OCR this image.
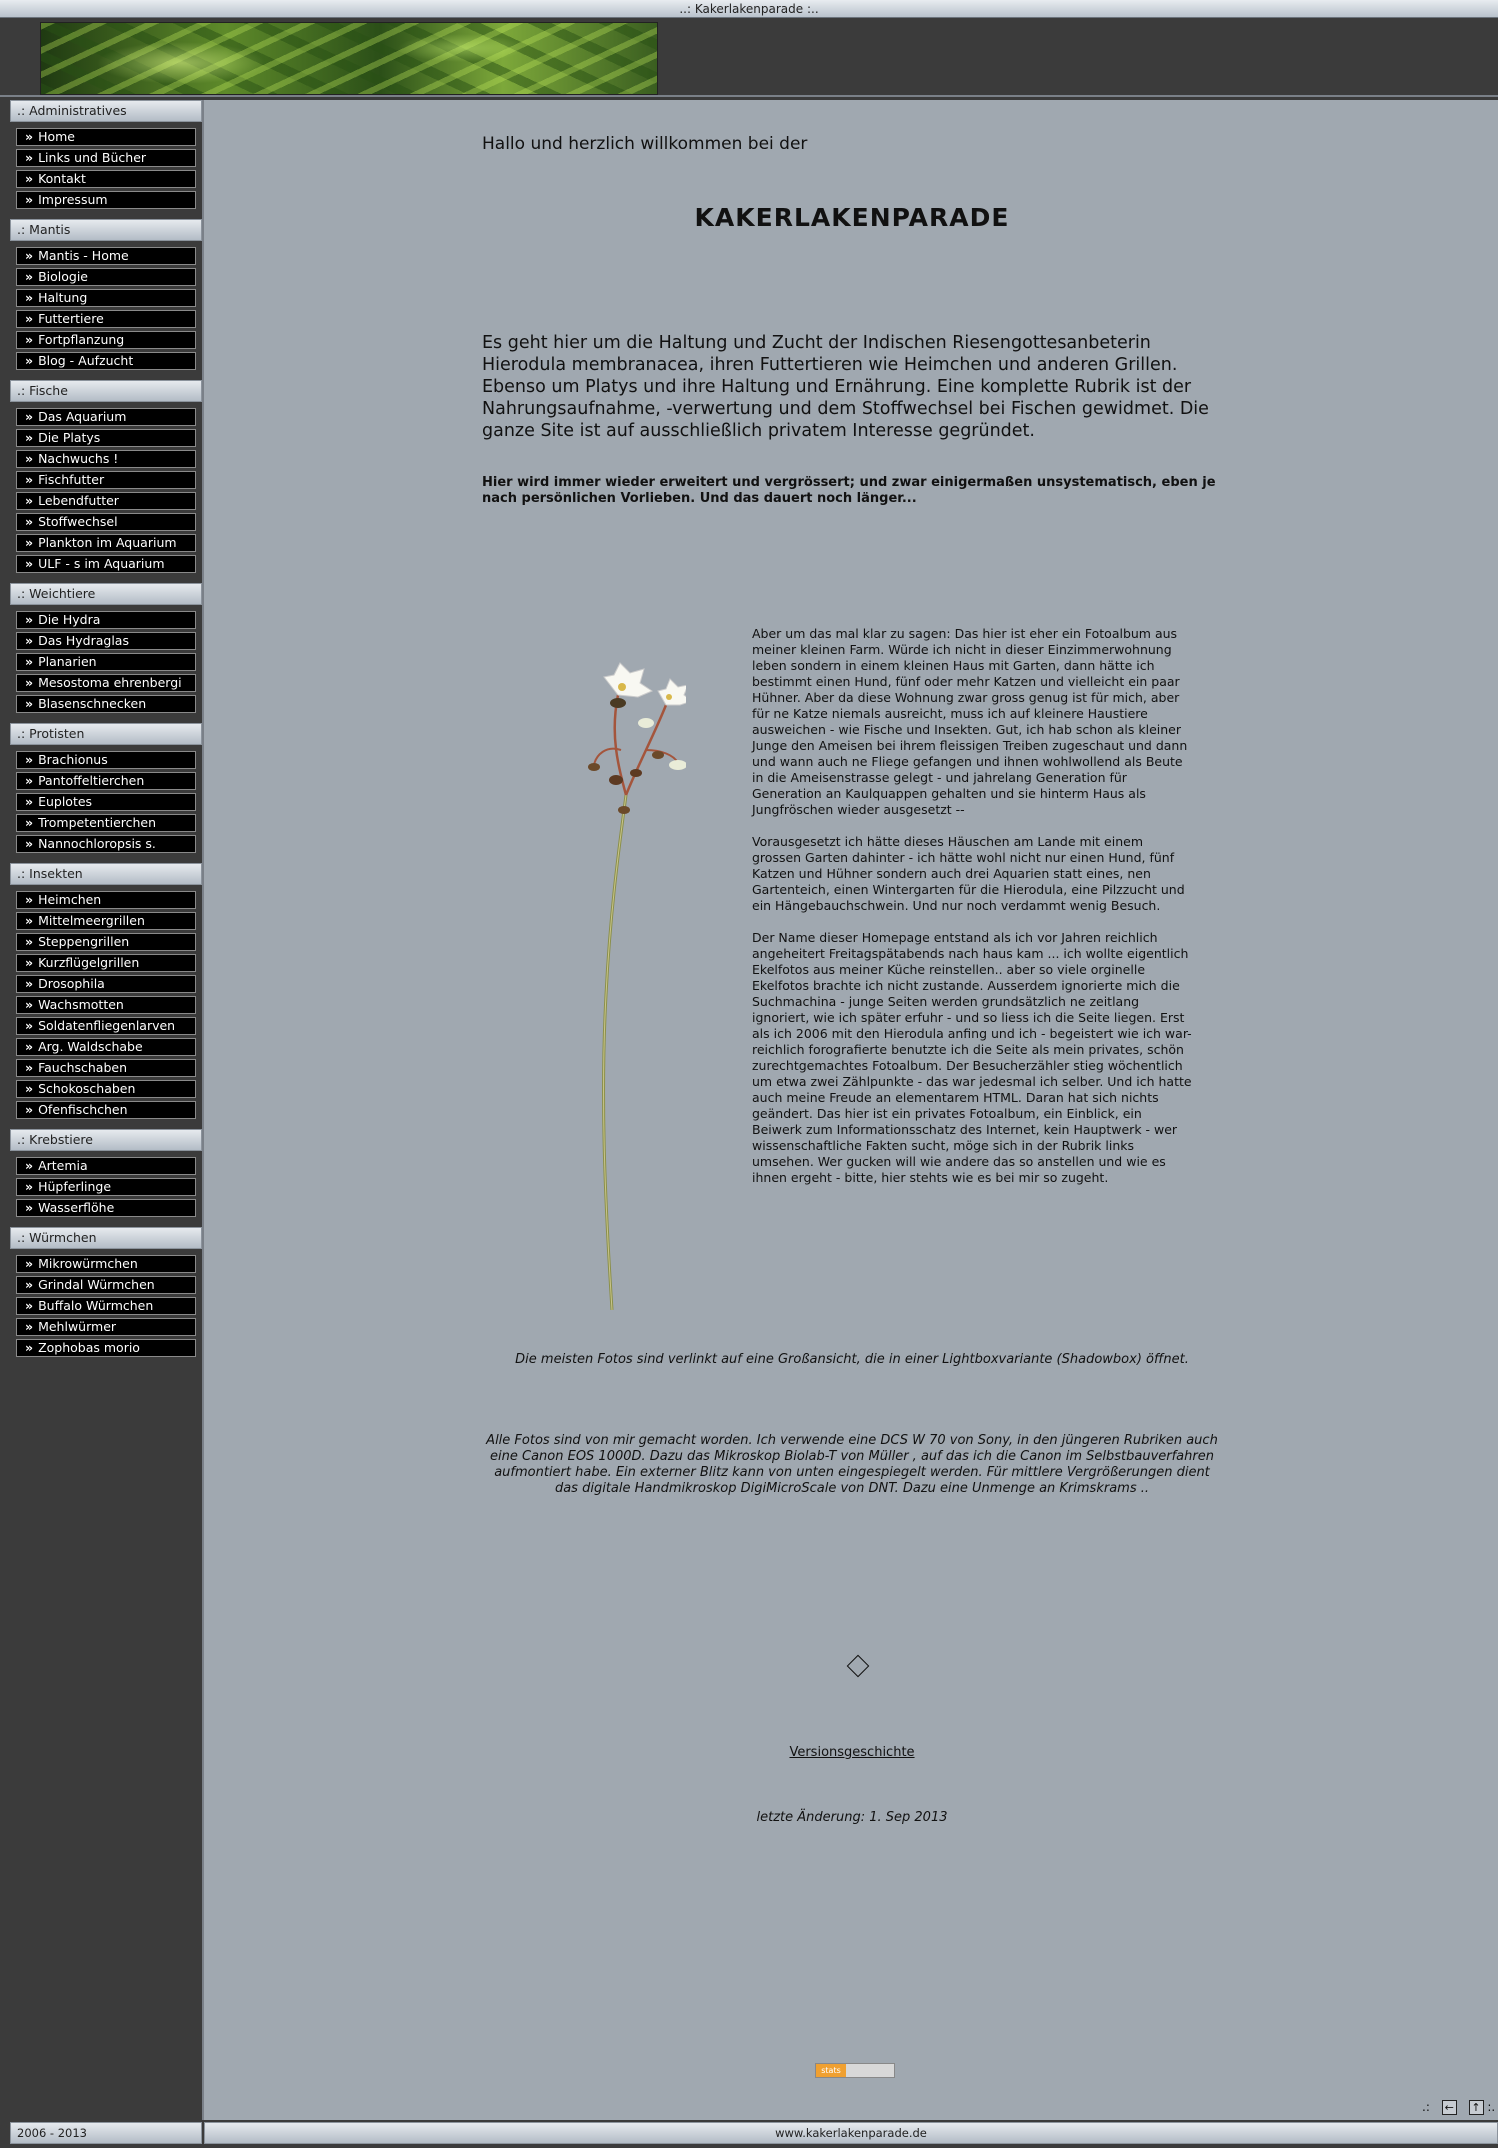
..: Kakerlakenparade :..
.: Administratives
» Home
» Links und Bücher
» Kontakt
» Impressum
.: Mantis
» Mantis - Home
» Biologie
» Haltung
» Futtertiere
» Fortpflanzung
» Blog - Aufzucht
.: Fische
» Das Aquarium
» Die Platys
» Nachwuchs !
» Fischfutter
» Lebendfutter
» Stoffwechsel
» Plankton im Aquarium
» ULF - s im Aquarium
.: Weichtiere
» Die Hydra
» Das Hydraglas
» Planarien
» Mesostoma ehrenbergi
» Blasenschnecken
.: Protisten
» Brachionus
» Pantoffeltierchen
» Euplotes
» Trompetentierchen
» Nannochloropsis s.
.: Insekten
» Heimchen
» Mittelmeergrillen
» Steppengrillen
» Kurzflügelgrillen
» Drosophila
» Wachsmotten
» Soldatenfliegenlarven
» Arg. Waldschabe
» Fauchschaben
» Schokoschaben
» Ofenfischchen
.: Krebstiere
» Artemia
» Hüpferlinge
» Wasserflöhe
.: Würmchen
» Mikrowürmchen
» Grindal Würmchen
» Buffalo Würmchen
» Mehlwürmer
» Zophobas morio
Hallo und herzlich willkommen bei der
KAKERLAKENPARADE
Es geht hier um die Haltung und Zucht der Indischen Riesengottesanbeterin Hierodula membranacea, ihren Futtertieren wie Heimchen und anderen Grillen. Ebenso um Platys und ihre Haltung und Ernährung. Eine komplette Rubrik ist der Nahrungsaufnahme, -verwertung und dem Stoffwechsel bei Fischen gewidmet. Die ganze Site ist auf ausschließlich privatem Interesse gegründet.
Hier wird immer wieder erweitert und vergrössert; und zwar einigermaßen unsystematisch, eben je nach persönlichen Vorlieben. Und das dauert noch länger...

Aber um das mal klar zu sagen: Das hier ist eher ein Fotoalbum aus meiner kleinen Farm. Würde ich nicht in dieser Einzimmerwohnung leben sondern in einem kleinen Haus mit Garten, dann hätte ich bestimmt einen Hund, fünf oder mehr Katzen und vielleicht ein paar Hühner. Aber da diese Wohnung zwar gross genug ist für mich, aber für ne Katze niemals ausreicht, muss ich auf kleinere Haustiere ausweichen - wie Fische und Insekten. Gut, ich hab schon als kleiner Junge den Ameisen bei ihrem fleissigen Treiben zugeschaut und dann und wann auch ne Fliege gefangen und ihnen wohlwollend als Beute in die Ameisenstrasse gelegt - und jahrelang Generation für Generation an Kaulquappen gehalten und sie hinterm Haus als Jungfröschen wieder ausgesetzt --

Vorausgesetzt ich hätte dieses Häuschen am Lande mit einem grossen Garten dahinter - ich hätte wohl nicht nur einen Hund, fünf Katzen und Hühner sondern auch drei Aquarien statt eines, nen Gartenteich, einen Wintergarten für die Hierodula, eine Pilzzucht und ein Hängebauchschwein. Und nur noch verdammt wenig Besuch.

Der Name dieser Homepage entstand als ich vor Jahren reichlich angeheitert Freitagspätabends nach haus kam ... ich wollte eigentlich Ekelfotos aus meiner Küche reinstellen.. aber so viele orginelle Ekelfotos brachte ich nicht zustande. Ausserdem ignorierte mich die Suchmachina - junge Seiten werden grundsätzlich ne zeitlang ignoriert, wie ich später erfuhr - und so liess ich die Seite liegen. Erst als ich 2006 mit den Hierodula anfing und ich - begeistert wie ich war- reichlich forografierte benutzte ich die Seite als mein privates, schön zurechtgemachtes Fotoalbum. Der Besucherzähler stieg wöchentlich um etwa zwei Zählpunkte - das war jedesmal ich selber. Und ich hatte auch meine Freude an elementarem HTML. Daran hat sich nichts geändert. Das hier ist ein privates Fotoalbum, ein Einblick, ein Beiwerk zum Informationsschatz des Internet, kein Hauptwerk - wer wissenschaftliche Fakten sucht, möge sich in der Rubrik links umsehen. Wer gucken will wie andere das so anstellen und wie es ihnen ergeht - bitte, hier stehts wie es bei mir so zugeht.

Die meisten Fotos sind verlinkt auf eine Großansicht, die in einer Lightboxvariante (Shadowbox) öffnet.
Alle Fotos sind von mir gemacht worden. Ich verwende eine DCS W 70 von Sony, in den jüngeren Rubriken auch eine Canon EOS 1000D. Dazu das Mikroskop Biolab-T von Müller , auf das ich die Canon im Selbstbauverfahren aufmontiert habe. Ein externer Blitz kann von unten eingespiegelt werden. Für mittlere Vergrößerungen dient das digitale Handmikroskop DigiMicroScale von DNT. Dazu eine Unmenge an Krimskrams ..
Versionsgeschichte
letzte Änderung: 1. Sep 2013
stats
.: ← ↑ :.
2006 - 2013	www.kakerlakenparade.de
